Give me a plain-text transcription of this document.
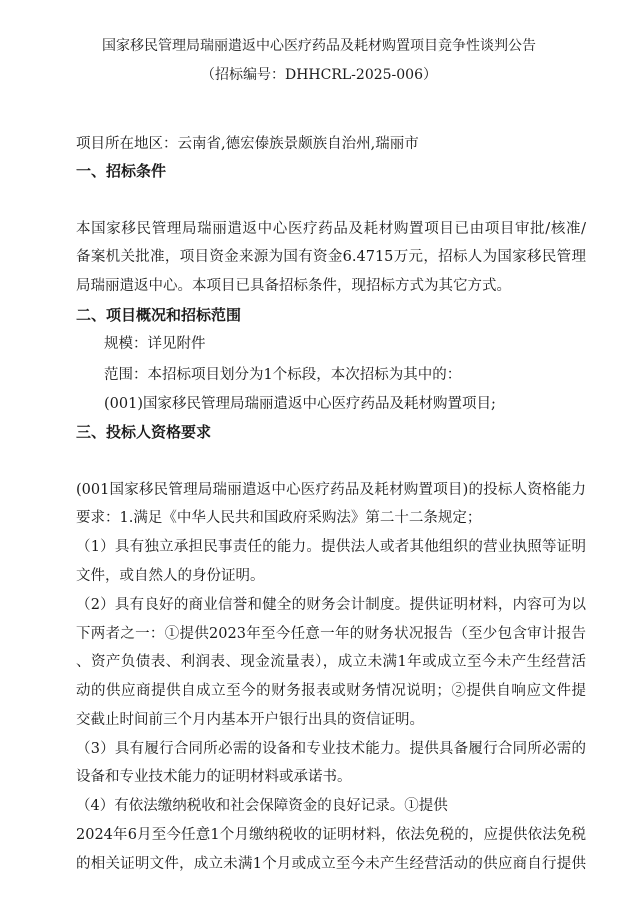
国家移民管理局瑞丽遣返中心医疗药品及耗材购置项目竞争性谈判公告
（招标编号：DHHCRL-2025-006）
项目所在地区：云南省,德宏傣族景颇族自治州,瑞丽市
一、招标条件
本国家移民管理局瑞丽遣返中心医疗药品及耗材购置项目已由项目审批/核准/
备案机关批准，项目资金来源为国有资金6.4715万元，招标人为国家移民管理
局瑞丽遣返中心。本项目已具备招标条件，现招标方式为其它方式。
二、项目概况和招标范围
规模：详见附件
范围：本招标项目划分为1个标段，本次招标为其中的：
(001)国家移民管理局瑞丽遣返中心医疗药品及耗材购置项目;
三、投标人资格要求
(001国家移民管理局瑞丽遣返中心医疗药品及耗材购置项目)的投标人资格能力
要求：1.满足《中华人民共和国政府采购法》第二十二条规定；
（1）具有独立承担民事责任的能力。提供法人或者其他组织的营业执照等证明
文件，或自然人的身份证明。
（2）具有良好的商业信誉和健全的财务会计制度。提供证明材料，内容可为以
下两者之一：①提供2023年至今任意一年的财务状况报告（至少包含审计报告
、资产负债表、利润表、现金流量表），成立未满1年或成立至今未产生经营活
动的供应商提供自成立至今的财务报表或财务情况说明；②提供自响应文件提
交截止时间前三个月内基本开户银行出具的资信证明。
（3）具有履行合同所必需的设备和专业技术能力。提供具备履行合同所必需的
设备和专业技术能力的证明材料或承诺书。
（4）有依法缴纳税收和社会保障资金的良好记录。①提供
2024年6月至今任意1个月缴纳税收的证明材料，依法免税的，应提供依法免税
的相关证明文件，成立未满1个月或成立至今未产生经营活动的供应商自行提供
